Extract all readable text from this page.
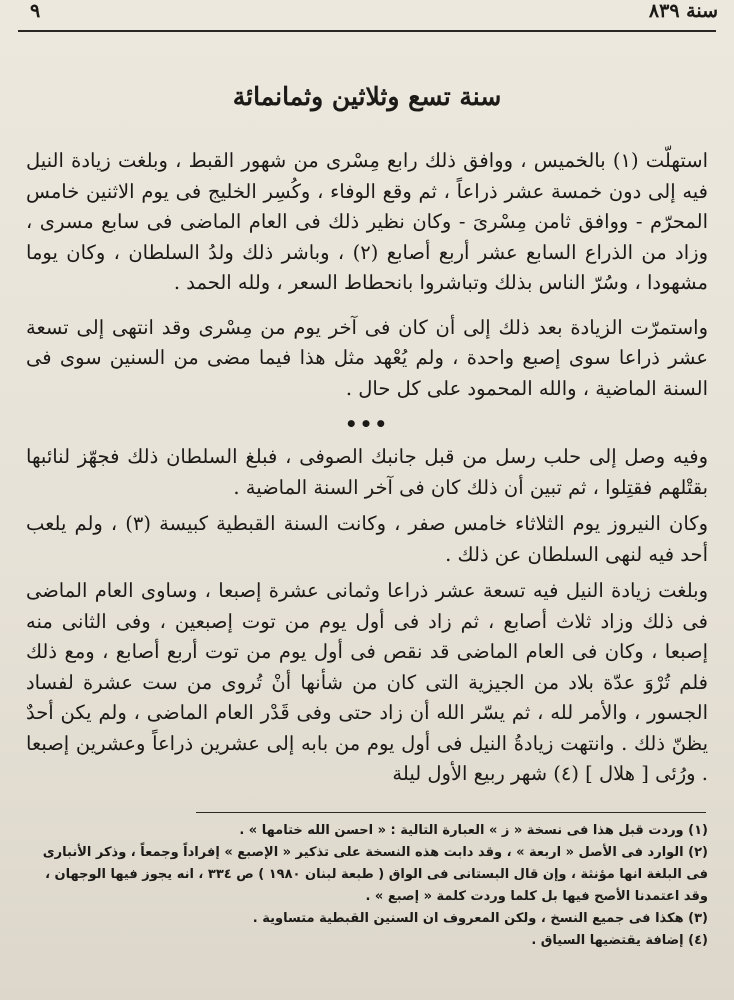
سنة ٨٣٩
٩
سنة تسع وثلاثين وثمانمائة

استهلّت (١) بالخميس ، ووافق ذلك رابع مِسْرى من شهور القبط ، وبلغت زيادة النيل فيه إلى دون خمسة عشر ذراعاً ، ثم وقع الوفاء ، وكُسِر الخليج فى يوم الاثنين خامس المحرّم - ووافق ثامن مِسْرىَ - وكان نظير ذلك فى العام الماضى فى سابع مسرى ، وزاد من الذراع السابع عشر أربع أصابع (٢) ، وباشر ذلك ولدُ السلطان ، وكان يوما مشهودا ، وسُرّ الناس بذلك وتباشروا بانحطاط السعر ، ولله الحمد .

واستمرّت الزيادة بعد ذلك إلى أن كان فى آخر يوم من مِسْرى وقد انتهى إلى تسعة عشر ذراعا سوى إصبع واحدة ، ولم يُعْهد مثل هذا فيما مضى من السنين سوى فى السنة الماضية ، والله المحمود على كل حال .

•••

وفيه وصل إلى حلب رسل من قبل جانبك الصوفى ، فبلغ السلطان ذلك فجهّز لنائبها بقتْلهم فقتِلوا ، ثم تبين أن ذلك كان فى آخر السنة الماضية .

وكان النيروز يوم الثلاثاء خامس صفر ، وكانت السنة القبطية كبيسة (٣) ، ولم يلعب أحد فيه لنهى السلطان عن ذلك .

وبلغت زيادة النيل فيه تسعة عشر ذراعا وثمانى عشرة إصبعا ، وساوى العام الماضى فى ذلك وزاد ثلاث أصابع ، ثم زاد فى أول يوم من توت إصبعين ، وفى الثانى منه إصبعا ، وكان فى العام الماضى قد نقص فى أول يوم من توت أربع أصابع ، ومع ذلك فلم تُرْوَ عدّة بلاد من الجيزية التى كان من شأنها أنْ تُروى من ست عشرة لفساد الجسور ، والأمر لله ، ثم يسّر الله أن زاد حتى وفى قَدْر العام الماضى ، ولم يكن أحدٌ يظنّ ذلك . وانتهت زيادةُ النيل فى أول يوم من بابه إلى عشرين ذراعاً وعشرين إصبعا . ورُئى [ هلال ] (٤) شهر ربيع الأول ليلة

(١) وردت قبل هذا فى نسخة « ز » العبارة التالية : « احسن الله ختامها » .
(٢) الوارد فى الأصل « اربعة » ، وقد دابت هذه النسخة على تذكير « الإصبع » إفراداً وجمعاً ، وذكر الأنبارى فى البلغة انها مؤنثة ، وإن قال البستانى فى الواق ( طبعة لبنان ١٩٨٠ ) ص ٣٣٤ ، انه يجوز فيها الوجهان ، وقد اعتمدنا الأصح فيها بل كلما وردت كلمة « إصبع » .
(٣) هكذا فى جميع النسخ ، ولكن المعروف ان السنين القبطية متساوية .
(٤) إضافة يقتضيها السياق .
